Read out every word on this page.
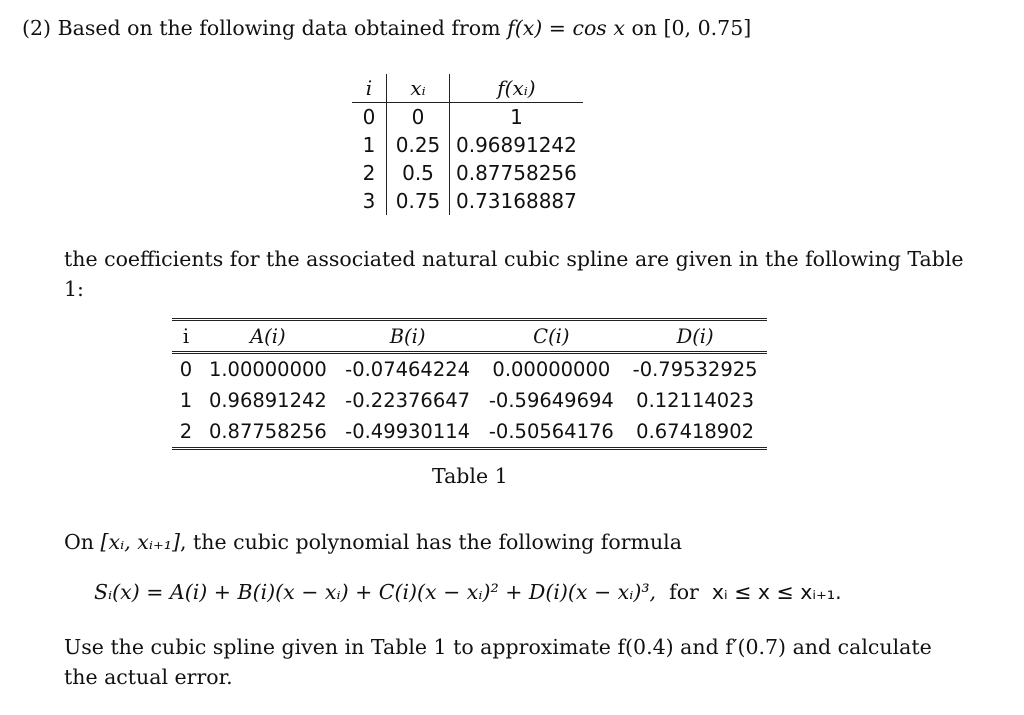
(2) Based on the following data obtained from f(x) = cos x on [0, 0.75]
i	xᵢ	f(xᵢ)
0	0	1
1	0.25	0.96891242
2	0.5	0.87758256
3	0.75	0.73168887
the coefficients for the associated natural cubic spline are given in the following Table 1:
i	A(i)	B(i)	C(i)	D(i)
0	1.00000000	-0.07464224	0.00000000	-0.79532925
1	0.96891242	-0.22376647	-0.59649694	0.12114023
2	0.87758256	-0.49930114	-0.50564176	0.67418902
Table 1
On [xᵢ, xᵢ₊₁], the cubic polynomial has the following formula
Sᵢ(x) = A(i) + B(i)(x − xᵢ) + C(i)(x − xᵢ)² + D(i)(x − xᵢ)³, for xᵢ ≤ x ≤ xᵢ₊₁.
Use the cubic spline given in Table 1 to approximate f(0.4) and f′(0.7) and calculate the actual error.
